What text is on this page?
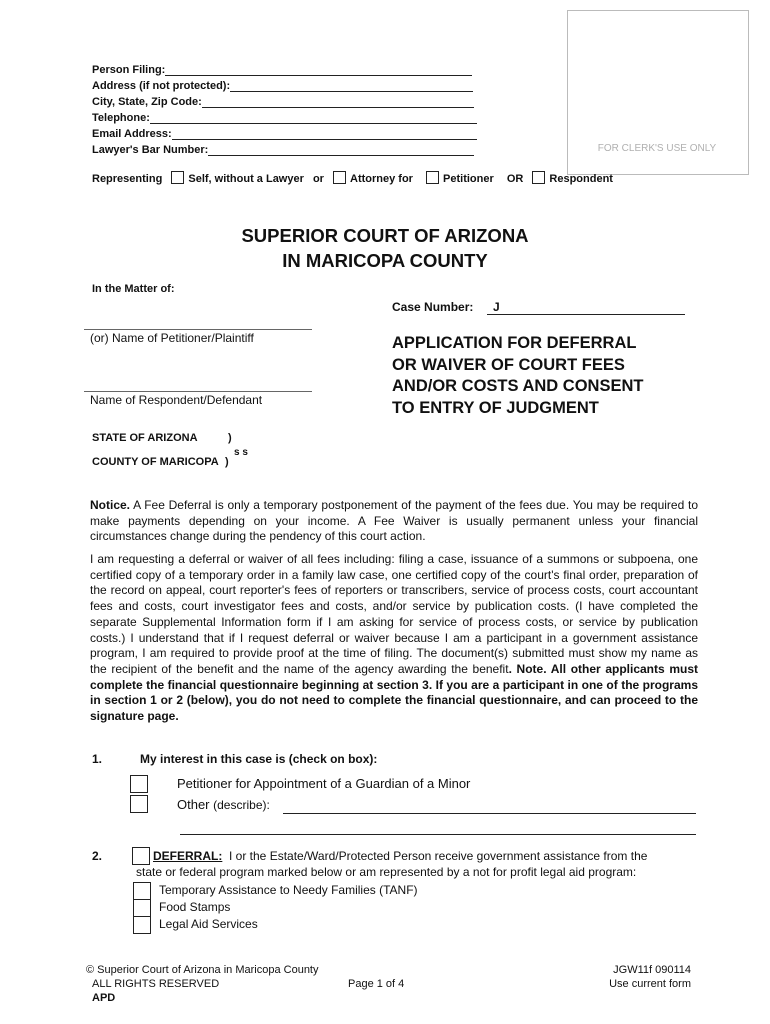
FOR CLERK'S USE ONLY
Person Filing:
Address (if not protected):
City, State, Zip Code:
Telephone:
Email Address:
Lawyer's Bar Number:
Representing Self, without a Lawyer or Attorney for	Petitioner OR Respondent
SUPERIOR COURT OF ARIZONA
IN MARICOPA COUNTY
In the Matter of:
Case Number:	J
(or) Name of Petitioner/Plaintiff
Name of Respondent/Defendant
APPLICATION FOR DEFERRAL
OR WAIVER OF COURT FEES
AND/OR COSTS AND CONSENT
TO ENTRY OF JUDGMENT
STATE OF ARIZONA	)
COUNTY OF MARICOPA )
s s
Notice. A Fee Deferral is only a temporary postponement of the payment of the fees due. You may be required to make payments depending on your income. A Fee Waiver is usually permanent unless your financial circumstances change during the pendency of this court action.
I am requesting a deferral or waiver of all fees including: filing a case, issuance of a summons or subpoena, one certified copy of a temporary order in a family law case, one certified copy of the court's final order, preparation of the record on appeal, court reporter's fees of reporters or transcribers, service of process costs, court accountant fees and costs, court investigator fees and costs, and/or service by publication costs. (I have completed the separate Supplemental Information form if I am asking for service of process costs, or service by publication costs.) I understand that if I request deferral or waiver because I am a participant in a government assistance program, I am required to provide proof at the time of filing. The document(s) submitted must show my name as the recipient of the benefit and the name of the agency awarding the benefit. Note. All other applicants must complete the financial questionnaire beginning at section 3. If you are a participant in one of the programs in section 1 or 2 (below), you do not need to complete the financial questionnaire, and can proceed to the signature page.
1.	My interest in this case is (check on box):
Petitioner for Appointment of a Guardian of a Minor
Other (describe):
2.	DEFERRAL: I or the Estate/Ward/Protected Person receive government assistance from the
state or federal program marked below or am represented by a not for profit legal aid program:
Temporary Assistance to Needy Families (TANF)
Food Stamps
Legal Aid Services
© Superior Court of Arizona in Maricopa County
ALL RIGHTS RESERVED
APD
Page 1 of 4
JGW11f 090114
Use current form
